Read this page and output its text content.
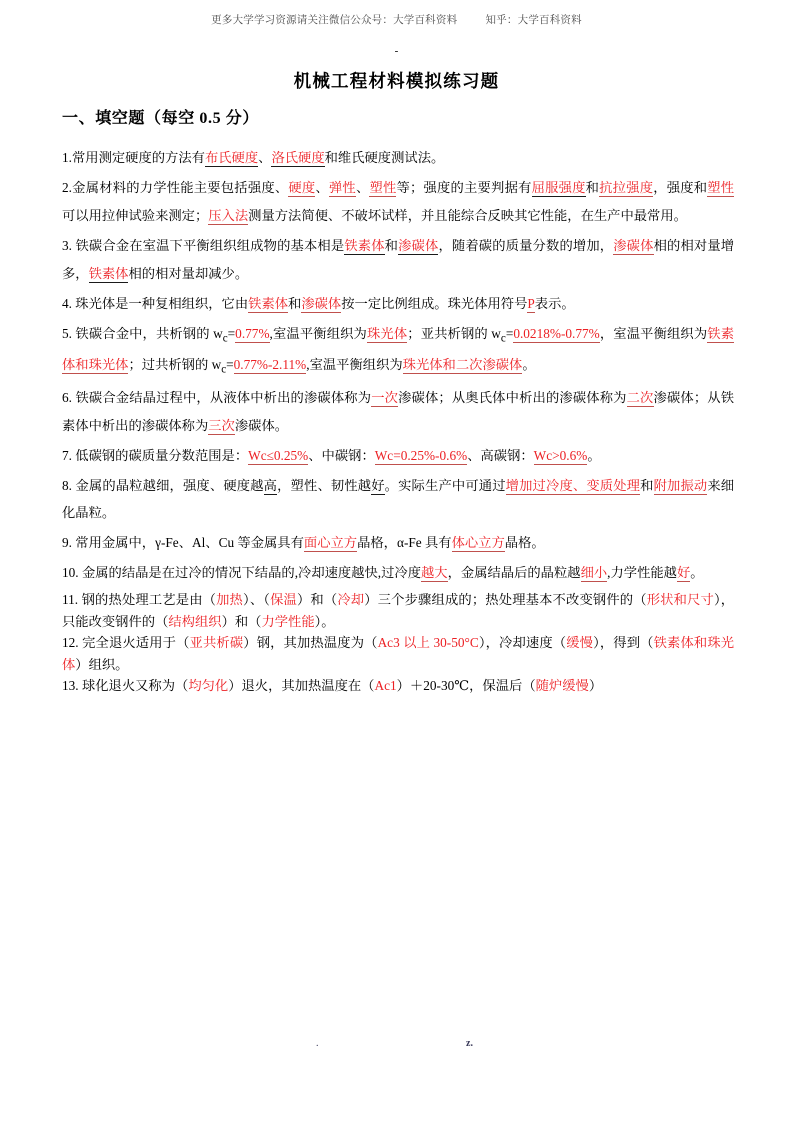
更多大学学习资源请关注微信公众号：大学百科资料          知乎：大学百科资料
-
机械工程材料模拟练习题
一、填空题（每空 0.5 分）

1.常用测定硬度的方法有布氏硬度、洛氏硬度和维氏硬度测试法。

2.金属材料的力学性能主要包括强度、硬度、弹性、塑性等；强度的主要判据有屈服强度和抗拉强度，强度和塑性可以用拉伸试验来测定；压入法测量方法简便、不破坏试样，并且能综合反映其它性能，在生产中最常用。

3. 铁碳合金在室温下平衡组织组成物的基本相是铁素体和渗碳体，随着碳的质量分数的增加，渗碳体相的相对量增多，铁素体相的相对量却减少。

4. 珠光体是一种复相组织，它由铁素体和渗碳体按一定比例组成。珠光体用符号P表示。

5. 铁碳合金中，共析钢的 $w_c=0.77\%$,室温平衡组织为珠光体；亚共析钢的 $w_c=0.0218\%-0.77\%$，室温平衡组织为铁素体和珠光体；过共析钢的 $w_c=0.77\%-2.11\%$,室温平衡组织为珠光体和二次渗碳体。

6. 铁碳合金结晶过程中，从液体中析出的渗碳体称为一次渗碳体；从奥氏体中析出的渗碳体称为二次渗碳体；从铁素体中析出的渗碳体称为三次渗碳体。

7. 低碳钢的碳质量分数范围是：Wc≤0.25%、中碳钢：Wc=0.25%-0.6%、高碳钢：Wc>0.6%。

8. 金属的晶粒越细，强度、硬度越高，塑性、韧性越好。实际生产中可通过增加过冷度、变质处理和附加振动来细化晶粒。

9. 常用金属中，γ-Fe、Al、Cu 等金属具有面心立方晶格，α-Fe 具有体心立方晶格。

10. 金属的结晶是在过冷的情况下结晶的,冷却速度越快,过冷度越大，金属结晶后的晶粒越细小,力学性能越好。

11. 钢的热处理工艺是由（加热）、（保温）和（冷却）三个步骤组成的；热处理基本不改变钢件的（形状和尺寸），只能改变钢件的（结构组织）和（力学性能）。

12. 完全退火适用于（亚共析碳）钢，其加热温度为（Ac3 以上 30-50°C），冷却速度（缓慢），得到（铁素体和珠光体）组织。

13. 球化退火又称为（均匀化）退火，其加热温度在（Ac1）＋20-30℃，保温后（随炉缓慢）

.	z.
